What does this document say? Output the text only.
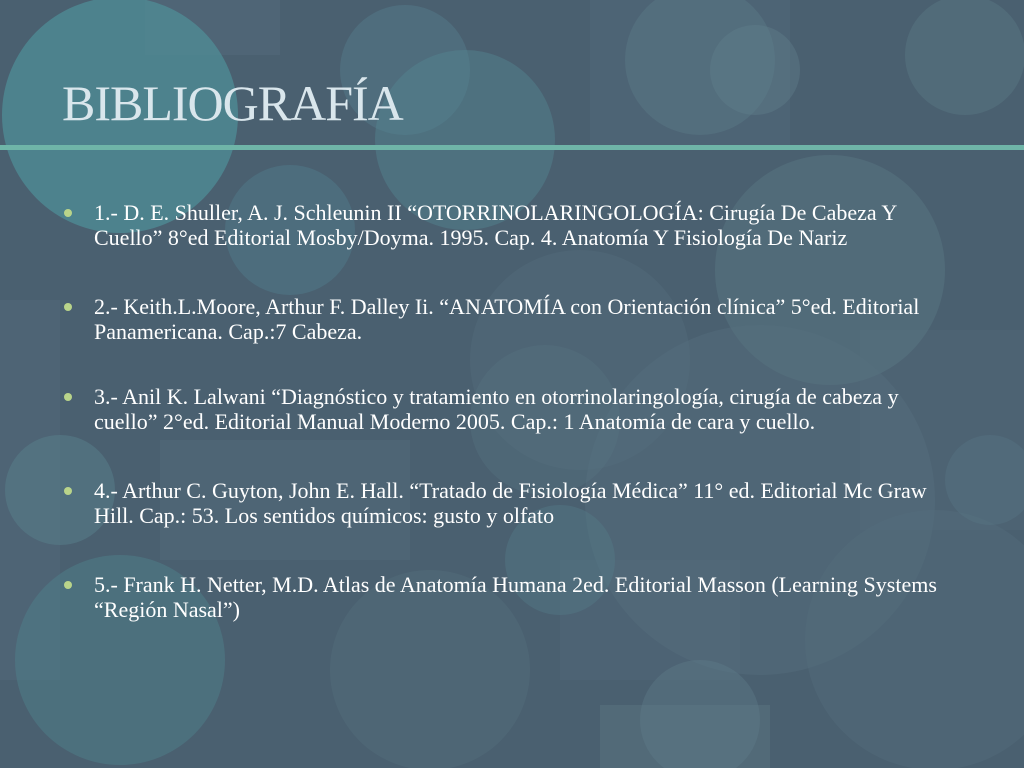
BIBLIOGRAFÍA
1.- D. E. Shuller, A. J. Schleunin II “OTORRINOLARINGOLOGÍA: Cirugía De Cabeza Y Cuello” 8°ed Editorial Mosby/Doyma. 1995. Cap. 4. Anatomía Y Fisiología De Nariz
2.- Keith.L.Moore, Arthur F. Dalley Ii. “ANATOMÍA con Orientación clínica” 5°ed. Editorial Panamericana. Cap.:7 Cabeza.
3.- Anil K. Lalwani “Diagnóstico y tratamiento en otorrinolaringología, cirugía de cabeza y cuello” 2°ed. Editorial Manual Moderno 2005. Cap.: 1 Anatomía de cara y cuello.
4.- Arthur C. Guyton, John E. Hall. “Tratado de Fisiología Médica” 11° ed. Editorial Mc Graw Hill. Cap.: 53. Los sentidos químicos: gusto y olfato
5.- Frank H. Netter, M.D. Atlas de Anatomía Humana 2ed. Editorial Masson (Learning Systems “Región Nasal”)
